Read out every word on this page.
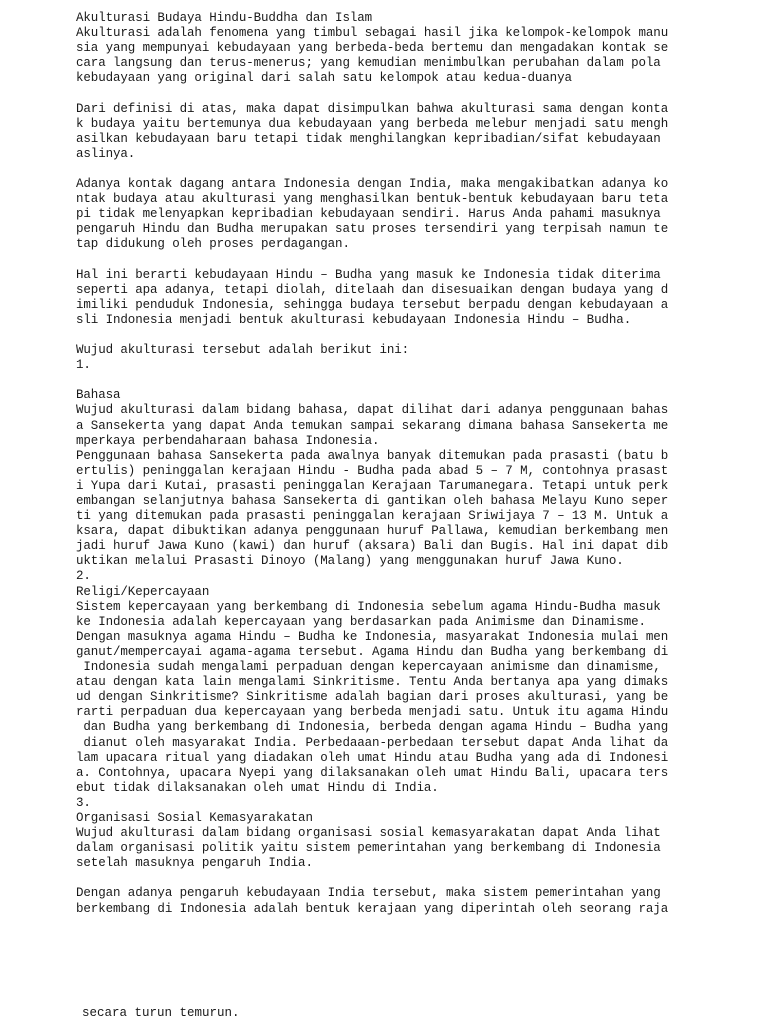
Akulturasi Budaya Hindu-Buddha dan Islam
Akulturasi adalah fenomena yang timbul sebagai hasil jika kelompok-kelompok manu
sia yang mempunyai kebudayaan yang berbeda-beda bertemu dan mengadakan kontak se
cara langsung dan terus-menerus; yang kemudian menimbulkan perubahan dalam pola
kebudayaan yang original dari salah satu kelompok atau kedua-duanya
Dari definisi di atas, maka dapat disimpulkan bahwa akulturasi sama dengan konta
k budaya yaitu bertemunya dua kebudayaan yang berbeda melebur menjadi satu mengh
asilkan kebudayaan baru tetapi tidak menghilangkan kepribadian/sifat kebudayaan
aslinya.
Adanya kontak dagang antara Indonesia dengan India, maka mengakibatkan adanya ko
ntak budaya atau akulturasi yang menghasilkan bentuk-bentuk kebudayaan baru teta
pi tidak melenyapkan kepribadian kebudayaan sendiri. Harus Anda pahami masuknya
pengaruh Hindu dan Budha merupakan satu proses tersendiri yang terpisah namun te
tap didukung oleh proses perdagangan.
Hal ini berarti kebudayaan Hindu – Budha yang masuk ke Indonesia tidak diterima
seperti apa adanya, tetapi diolah, ditelaah dan disesuaikan dengan budaya yang d
imiliki penduduk Indonesia, sehingga budaya tersebut berpadu dengan kebudayaan a
sli Indonesia menjadi bentuk akulturasi kebudayaan Indonesia Hindu – Budha.
Wujud akulturasi tersebut adalah berikut ini:
1.
Bahasa
Wujud akulturasi dalam bidang bahasa, dapat dilihat dari adanya penggunaan bahas
a Sansekerta yang dapat Anda temukan sampai sekarang dimana bahasa Sansekerta me
mperkaya perbendaharaan bahasa Indonesia.
Penggunaan bahasa Sansekerta pada awalnya banyak ditemukan pada prasasti (batu b
ertulis) peninggalan kerajaan Hindu - Budha pada abad 5 – 7 M, contohnya prasast
i Yupa dari Kutai, prasasti peninggalan Kerajaan Tarumanegara. Tetapi untuk perk
embangan selanjutnya bahasa Sansekerta di gantikan oleh bahasa Melayu Kuno seper
ti yang ditemukan pada prasasti peninggalan kerajaan Sriwijaya 7 – 13 M. Untuk a
ksara, dapat dibuktikan adanya penggunaan huruf Pallawa, kemudian berkembang men
jadi huruf Jawa Kuno (kawi) dan huruf (aksara) Bali dan Bugis. Hal ini dapat dib
uktikan melalui Prasasti Dinoyo (Malang) yang menggunakan huruf Jawa Kuno.
2.
Religi/Kepercayaan
Sistem kepercayaan yang berkembang di Indonesia sebelum agama Hindu-Budha masuk
ke Indonesia adalah kepercayaan yang berdasarkan pada Animisme dan Dinamisme.
Dengan masuknya agama Hindu – Budha ke Indonesia, masyarakat Indonesia mulai men
ganut/mempercayai agama-agama tersebut. Agama Hindu dan Budha yang berkembang di
Indonesia sudah mengalami perpaduan dengan kepercayaan animisme dan dinamisme,
atau dengan kata lain mengalami Sinkritisme. Tentu Anda bertanya apa yang dimaks
ud dengan Sinkritisme? Sinkritisme adalah bagian dari proses akulturasi, yang be
rarti perpaduan dua kepercayaan yang berbeda menjadi satu. Untuk itu agama Hindu
dan Budha yang berkembang di Indonesia, berbeda dengan agama Hindu – Budha yang
dianut oleh masyarakat India. Perbedaaan-perbedaan tersebut dapat Anda lihat da
lam upacara ritual yang diadakan oleh umat Hindu atau Budha yang ada di Indonesi
a. Contohnya, upacara Nyepi yang dilaksanakan oleh umat Hindu Bali, upacara ters
ebut tidak dilaksanakan oleh umat Hindu di India.
3.
Organisasi Sosial Kemasyarakatan
Wujud akulturasi dalam bidang organisasi sosial kemasyarakatan dapat Anda lihat
dalam organisasi politik yaitu sistem pemerintahan yang berkembang di Indonesia
setelah masuknya pengaruh India.
Dengan adanya pengaruh kebudayaan India tersebut, maka sistem pemerintahan yang
berkembang di Indonesia adalah bentuk kerajaan yang diperintah oleh seorang raja
secara turun temurun.
